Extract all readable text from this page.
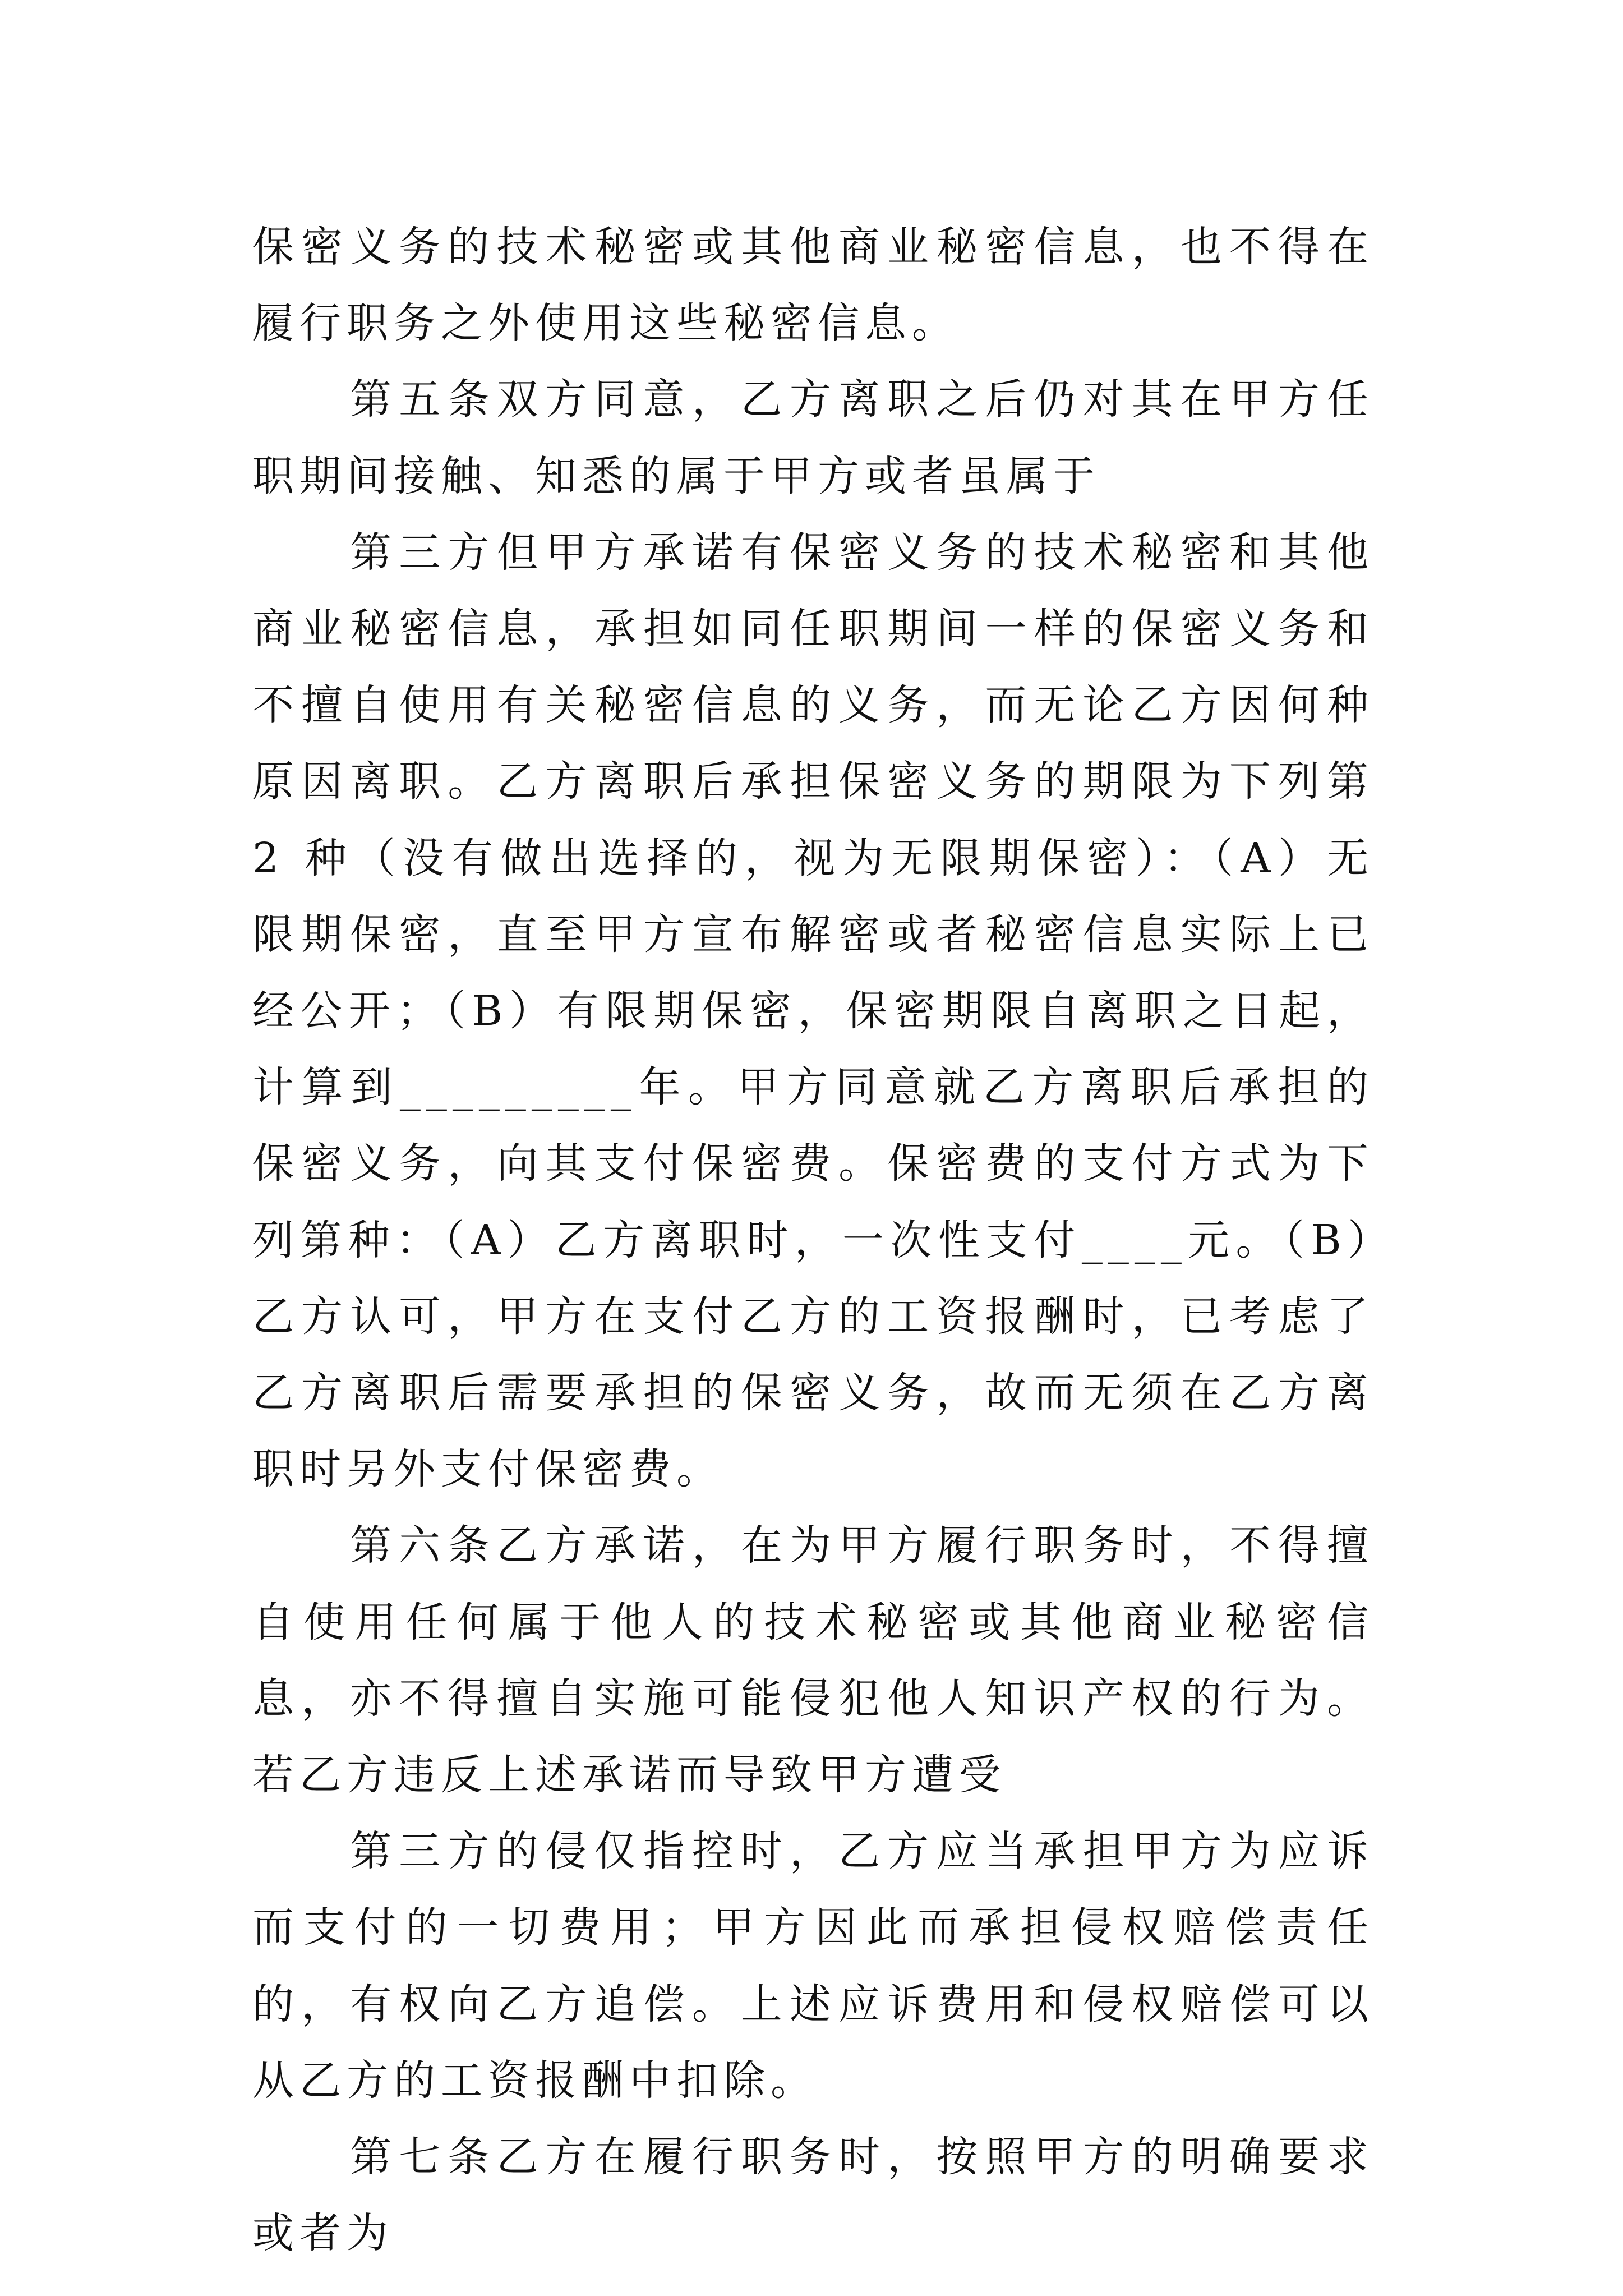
保密义务的技术秘密或其他商业秘密信息，也不得在履行职务之外使用这些秘密信息。

　　第五条双方同意，乙方离职之后仍对其在甲方任职期间接触、知悉的属于甲方或者虽属于

　　第三方但甲方承诺有保密义务的技术秘密和其他商业秘密信息，承担如同任职期间一样的保密义务和不擅自使用有关秘密信息的义务，而无论乙方因何种原因离职。乙方离职后承担保密义务的期限为下列第 2 种（没有做出选择的，视为无限期保密）：（A）无限期保密，直至甲方宣布解密或者秘密信息实际上已经公开；（B）有限期保密，保密期限自离职之日起，计算到_________年。甲方同意就乙方离职后承担的保密义务，向其支付保密费。保密费的支付方式为下列第种：（A）乙方离职时，一次性支付____元。（B）乙方认可，甲方在支付乙方的工资报酬时，已考虑了乙方离职后需要承担的保密义务，故而无须在乙方离职时另外支付保密费。

　　第六条乙方承诺，在为甲方履行职务时，不得擅自使用任何属于他人的技术秘密或其他商业秘密信息，亦不得擅自实施可能侵犯他人知识产权的行为。若乙方违反上述承诺而导致甲方遭受

　　第三方的侵仅指控时，乙方应当承担甲方为应诉而支付的一切费用；甲方因此而承担侵权赔偿责任的，有权向乙方追偿。上述应诉费用和侵权赔偿可以从乙方的工资报酬中扣除。

　　第七条乙方在履行职务时，按照甲方的明确要求或者为
